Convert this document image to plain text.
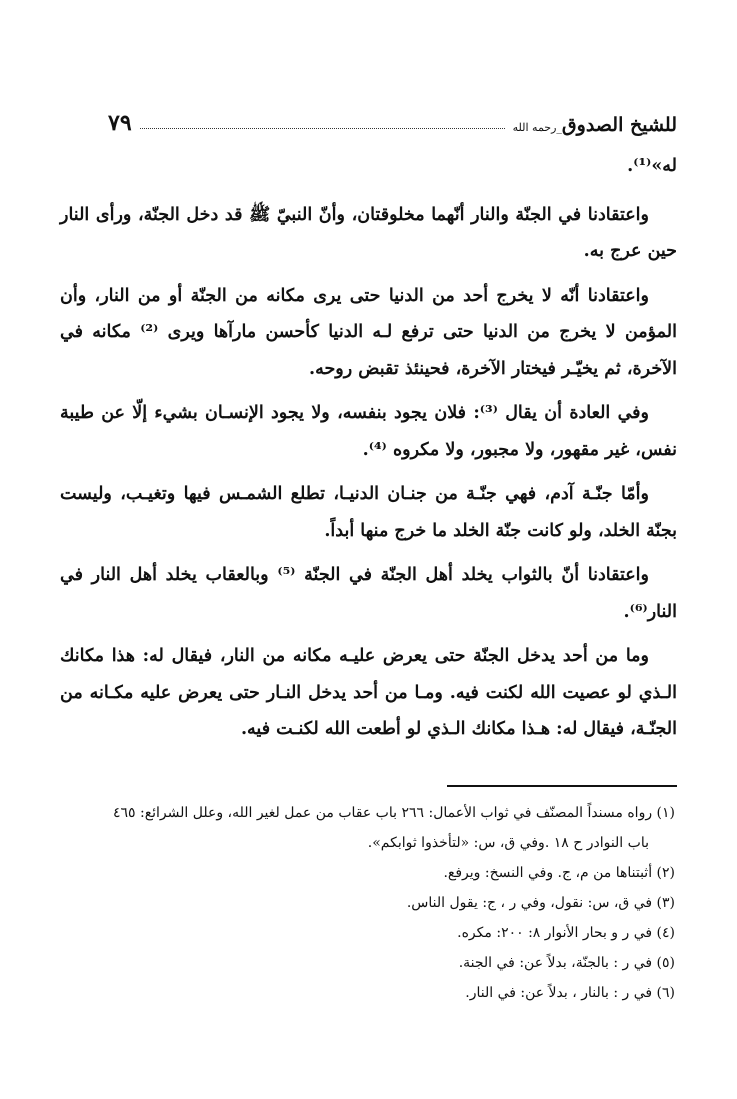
للشيخ الصدوق_رحمه الله
٧٩

له»⁽¹⁾.

واعتقادنا في الجنّة والنار أنّهما مخلوقتان، وأنّ النبيّ ﷺ قد دخل الجنّة، ورأى النار حين عرج به.

واعتقادنا أنّه لا يخرج أحد من الدنيا حتى يرى مكانه من الجنّة أو من النار، وأن المؤمن لا يخرج من الدنيا حتى ترفع لـه الدنيا كأحسن مارآها ويرى ⁽²⁾ مكانه في الآخرة، ثم يخيّـر فيختار الآخرة، فحينئذ تقبض روحه.

وفي العادة أن يقال ⁽³⁾: فلان يجود بنفسه، ولا يجود الإنسـان بشيء إلّا عن طيبة نفس، غير مقهور، ولا مجبور، ولا مكروه ⁽⁴⁾.

وأمّا جنّـة آدم، فهي جنّـة من جنـان الدنيـا، تطلع الشمـس فيها وتغيـب، وليست بجنّة الخلد، ولو كانت جنّة الخلد ما خرج منها أبداً.

واعتقادنا أنّ بالثواب يخلد أهل الجنّة في الجنّة ⁽⁵⁾ وبالعقاب يخلد أهل النار في النار⁽⁶⁾.

وما من أحد يدخل الجنّة حتى يعرض عليـه مكانه من النار، فيقال له: هذا مكانك الـذي لو عصيت الله لكنت فيه. ومـا من أحد يدخل النـار حتى يعرض عليه مكـانه من الجنّـة، فيقال له: هـذا مكانك الـذي لو أطعت الله لكنـت فيه.

(١) رواه مسنداً المصنّف في ثواب الأعمال: ٢٦٦ باب عقاب من عمل لغير الله، وعلل الشرائع: ٤٦٥

باب النوادر ح ١٨ .وفي ق، س: «لتأخذوا ثوابكم».

(٢) أثبتناها من م، ج. وفي النسخ: ويرفع.

(٣) في ق، س: نقول، وفي ر ، ج: يقول الناس.

(٤) في ر و بحار الأنوار ٨: ٢٠٠: مكره.

(٥) في ر : بالجنّة، بدلاً عن: في الجنة.

(٦) في ر : بالنار ، بدلاً عن: في النار.
